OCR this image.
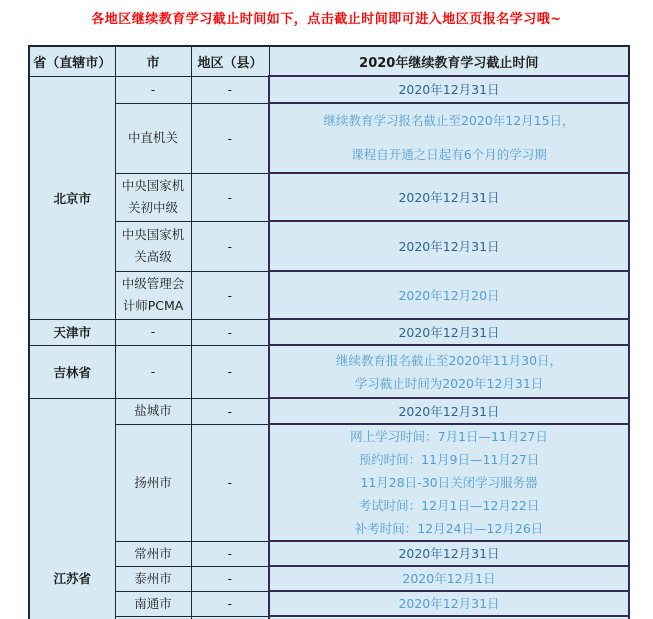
各地区继续教育学习截止时间如下，点击截止时间即可进入地区页报名学习哦~
省（直辖市）	市	地区（县）	2020年继续教育学习截止时间
北京市	-	-	2020年12月31日

	中直机关	-	继续教育学习报名截止至2020年12月15日，
课程自开通之日起有6个月的学习期

	中央国家机关初中级	-	2020年12月31日

	中央国家机关高级	-	2020年12月31日

	中级管理会计师PCMA	-	2020年12月20日

天津市	-	-	2020年12月31日

吉林省	-	-	继续教育报名截止至2020年11月30日，
学习截止时间为2020年12月31日

江苏省	盐城市	-	2020年12月31日

	扬州市	-	网上学习时间：7月1日—11月27日
预约时间：11月9日—11月27日
11月28日-30日关闭学习服务器
考试时间：12月1日—12月22日
补考时间：12月24日—12月26日

	常州市	-	2020年12月31日

	泰州市	-	2020年12月1日

	南通市	-	2020年12月31日
